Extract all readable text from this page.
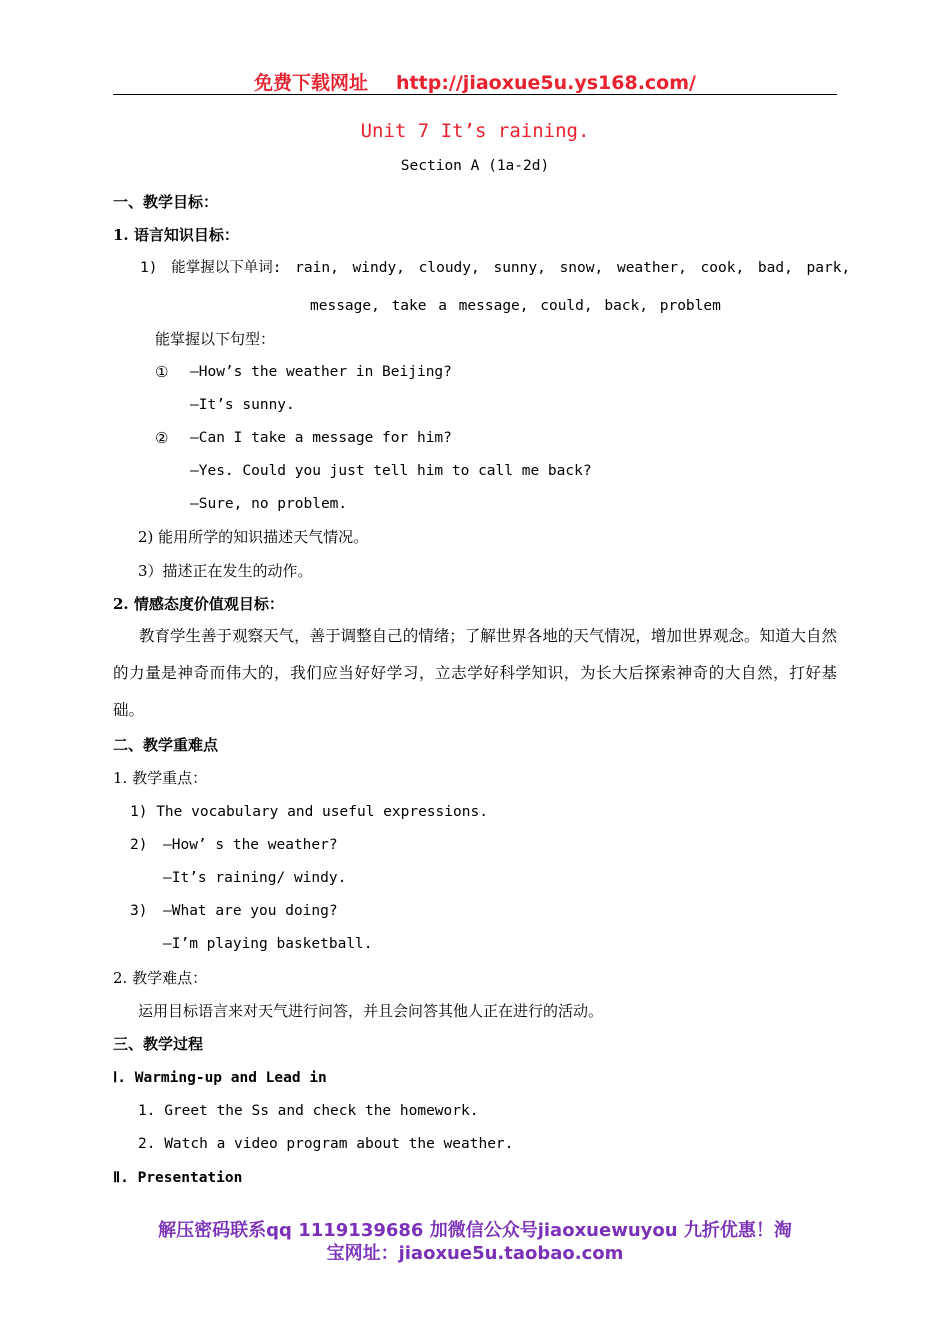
免费下载网址 http://jiaoxue5u.ys168.com/
Unit 7 It’s raining.
Section A (1a-2d)
一、教学目标：
1. 语言知识目标：
1) 能掌握以下单词: rain, windy, cloudy, sunny, snow, weather, cook, bad, park,
message, take a message, could, back, problem
能掌握以下句型：
① —How’s the weather in Beijing?
—It’s sunny.
② —Can I take a message for him?
—Yes. Could you just tell him to call me back?
—Sure, no problem.
2) 能用所学的知识描述天气情况。
3）描述正在发生的动作。
2. 情感态度价值观目标：
教育学生善于观察天气，善于调整自己的情绪；了解世界各地的天气情况，增加世界观念。知道大自然的力量是神奇而伟大的，我们应当好好学习，立志学好科学知识，为长大后探索神奇的大自然，打好基础。
二、教学重难点
1. 教学重点：
1) The vocabulary and useful expressions.
2) —How’ s the weather?
—It’s raining/ windy.
3) —What are you doing?
—I’m playing basketball.
2. 教学难点：
运用目标语言来对天气进行问答，并且会问答其他人正在进行的活动。
三、教学过程
Ⅰ. Warming-up and Lead in
1. Greet the Ss and check the homework.
2. Watch a video program about the weather.
Ⅱ. Presentation

解压密码联系qq 1119139686 加微信公众号jiaoxuewuyou 九折优惠！淘

宝网址：jiaoxue5u.taobao.com
